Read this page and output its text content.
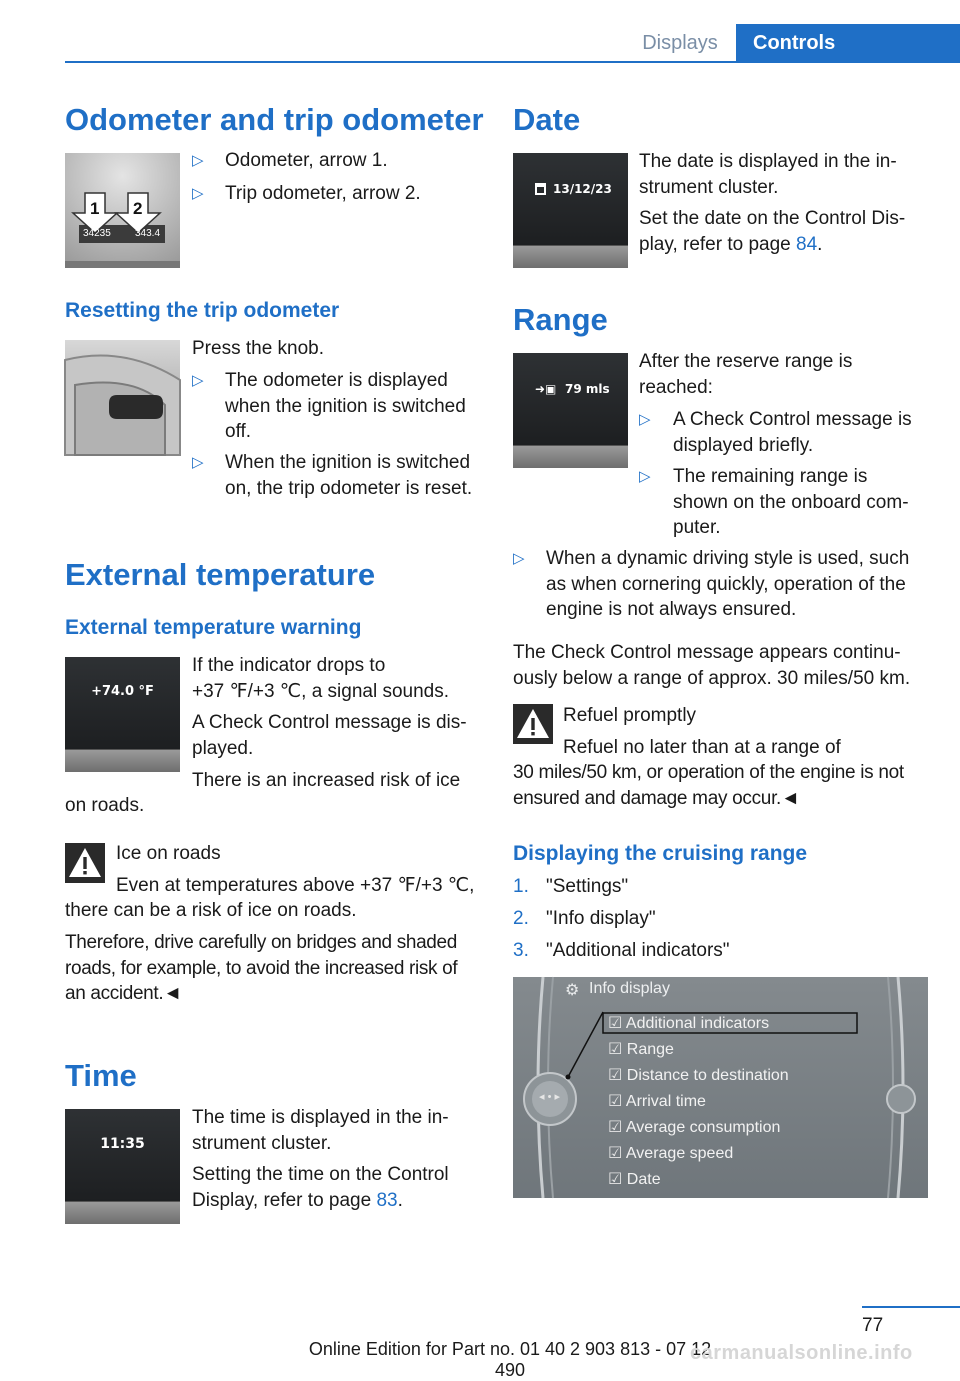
Displays	Controls
Odometer and trip odometer
1 2
34235 343.4
▷ Odometer, arrow 1.
▷ Trip odometer, arrow 2.
Resetting the trip odometer
Press the knob.
▷ The odometer is displayed
when the ignition is switched
off.
▷ When the ignition is switched
on, the trip odometer is reset.
External temperature
External temperature warning
+74.0 °F
If the indicator drops to
+37 ℉/+3 ℃, a signal sounds.
A Check Control message is dis-
played.
There is an increased risk of ice
on roads.
Ice on roads
Even at temperatures above +37 ℉/+3 ℃,
there can be a risk of ice on roads.
Therefore, drive carefully on bridges and shaded
roads, for example, to avoid the increased risk of
an accident.◄
Time
11:35
The time is displayed in the in-
strument cluster.
Setting the time on the Control
Display, refer to page 83.
Date
13/12/23
The date is displayed in the in-
strument cluster.
Set the date on the Control Dis-
play, refer to page 84.
Range
➜▣ 79 mls
After the reserve range is
reached:
▷ A Check Control message is
displayed briefly.
▷ The remaining range is
shown on the onboard com-
puter.
▷ When a dynamic driving style is used, such
as when cornering quickly, operation of the
engine is not always ensured.
The Check Control message appears continu-
ously below a range of approx. 30 miles/50 km.
Refuel promptly
Refuel no later than at a range of
30 miles/50 km, or operation of the engine is not
ensured and damage may occur.◄
Displaying the cruising range
1. "Settings"
2. "Info display"
3. "Additional indicators"
◂ • ▸
⚙ Info display
☑ Additional indicators
☑ Range
☑ Distance to destination
☑ Arrival time
☑ Average consumption
☑ Average speed
☑ Date
77
Online Edition for Part no. 01 40 2 903 813 - 07 12 490
carmanualsonline.info
